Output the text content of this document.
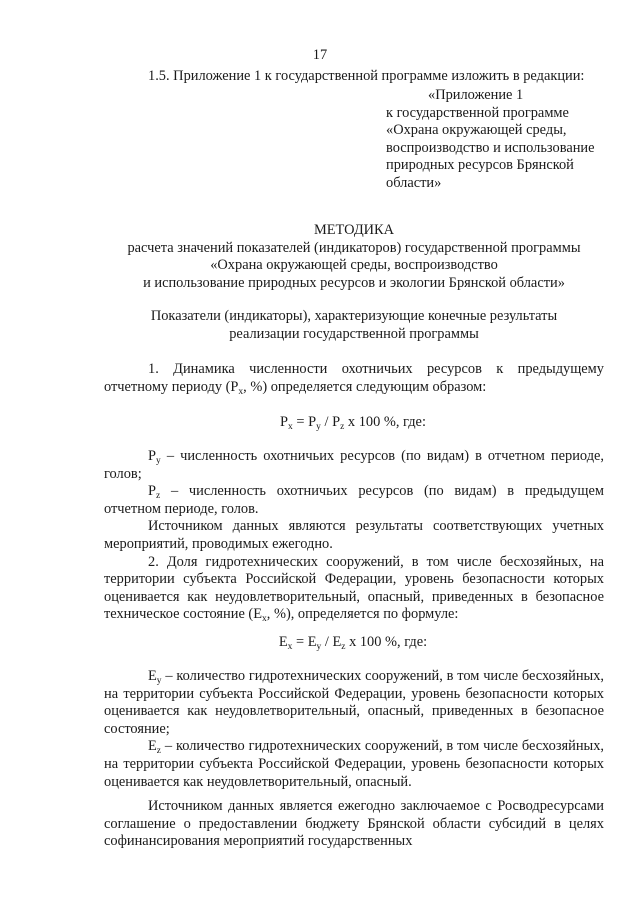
17
1.5. Приложение 1 к государственной программе изложить в редакции:
«Приложение 1
к государственной программе
«Охрана окружающей среды,
воспроизводство и использование
природных ресурсов Брянской
области»
МЕТОДИКА
расчета значений показателей (индикаторов) государственной программы
«Охрана окружающей среды, воспроизводство
и использование природных ресурсов и экологии Брянской области»
Показатели (индикаторы), характеризующие конечные результаты
реализации государственной программы

1. Динамика численности охотничьих ресурсов к предыдущему отчетному периоду ($P_x$, %) определяется следующим образом:

$P_x = P_y / P_z$ x 100 %, где:

$P_y$ – численность охотничьих ресурсов (по видам) в отчетном периоде, голов;

$P_z$ – численность охотничьих ресурсов (по видам) в предыдущем отчетном периоде, голов.

Источником данных являются результаты соответствующих учетных мероприятий, проводимых ежегодно.

2. Доля гидротехнических сооружений, в том числе бесхозяйных, на территории субъекта Российской Федерации, уровень безопасности которых оценивается как неудовлетворительный, опасный, приведенных в безопасное техническое состояние ($E_x$, %), определяется по формуле:

$E_x = E_y / E_z$ x 100 %, где:

$E_y$ – количество гидротехнических сооружений, в том числе бесхозяйных, на территории субъекта Российской Федерации, уровень безопасности которых оценивается как неудовлетворительный, опасный, приведенных в безопасное состояние;

$E_z$ – количество гидротехнических сооружений, в том числе бесхозяйных, на территории субъекта Российской Федерации, уровень безопасности которых оценивается как неудовлетворительный, опасный.

Источником данных является ежегодно заключаемое с Росводресурсами соглашение о предоставлении бюджету Брянской области субсидий в целях софинансирования мероприятий государственных
